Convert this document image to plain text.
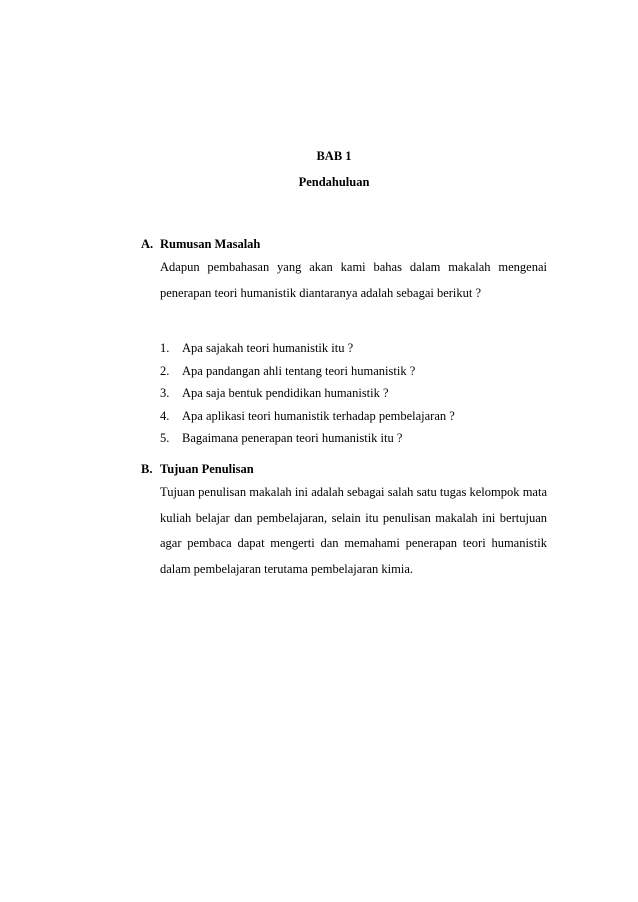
BAB 1
Pendahuluan
A. Rumusan Masalah

Adapun pembahasan yang akan kami bahas dalam makalah mengenai penerapan teori humanistik diantaranya adalah sebagai berikut ?

1. Apa sajakah teori humanistik itu ?
2. Apa pandangan ahli tentang teori humanistik ?
3. Apa saja bentuk pendidikan humanistik ?
4. Apa aplikasi teori humanistik terhadap pembelajaran ?
5. Bagaimana penerapan teori humanistik itu ?
B. Tujuan Penulisan

Tujuan penulisan makalah ini adalah sebagai salah satu tugas kelompok mata kuliah belajar dan pembelajaran, selain itu penulisan makalah ini bertujuan agar pembaca dapat mengerti dan memahami penerapan teori humanistik dalam pembelajaran terutama pembelajaran kimia.
